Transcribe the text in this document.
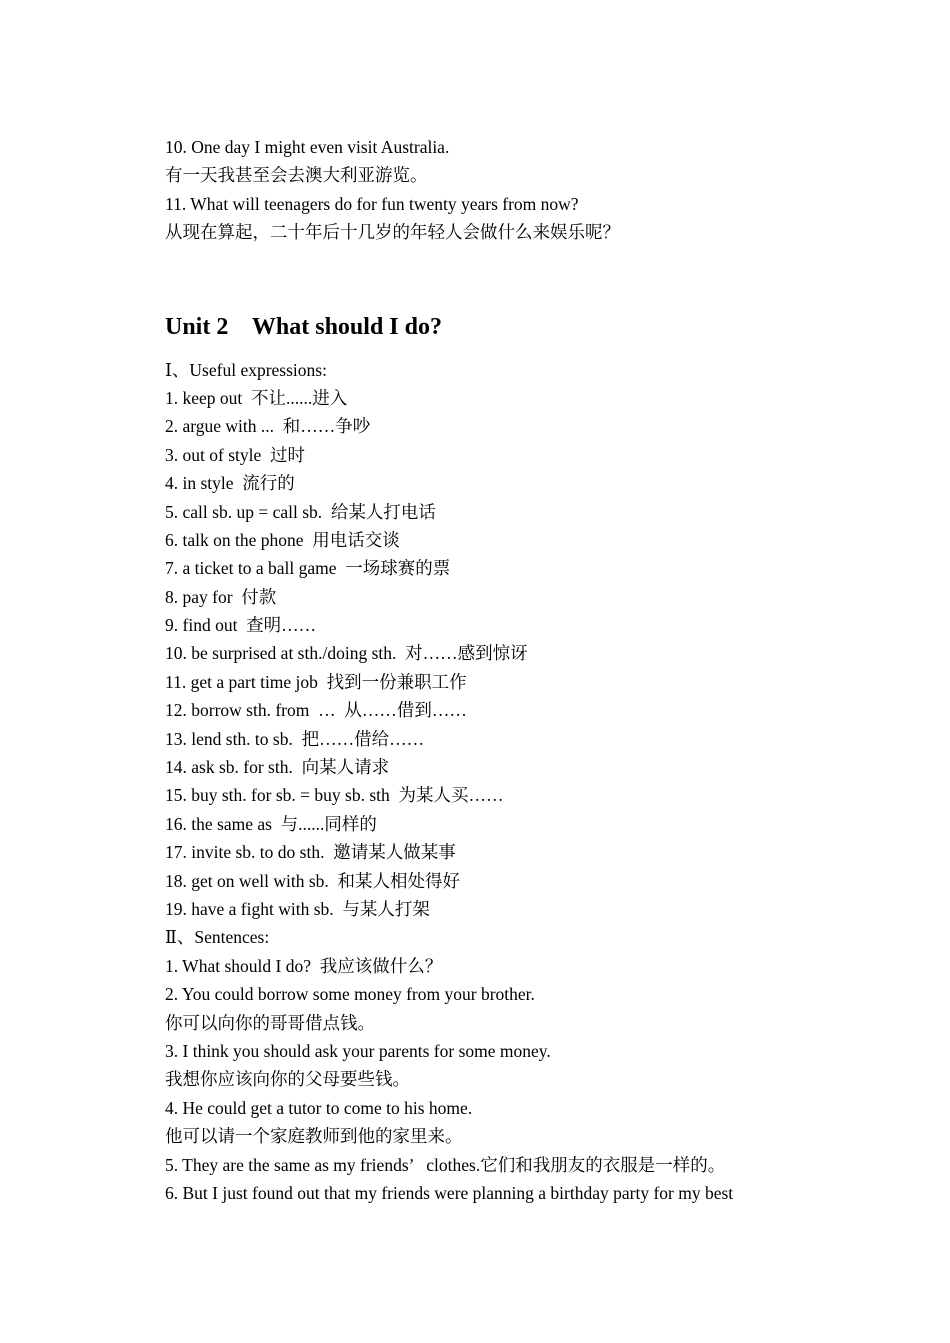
10. One day I might even visit Australia.
有一天我甚至会去澳大利亚游览。
11. What will teenagers do for fun twenty years from now?
从现在算起，二十年后十几岁的年轻人会做什么来娱乐呢？
Unit 2    What should I do?
Ⅰ、Useful expressions:
1. keep out  不让......进入
2. argue with ...  和……争吵
3. out of style  过时
4. in style  流行的
5. call sb. up = call sb.  给某人打电话
6. talk on the phone  用电话交谈
7. a ticket to a ball game  一场球赛的票
8. pay for  付款
9. find out  查明……
10. be surprised at sth./doing sth.  对……感到惊讶
11. get a part time job  找到一份兼职工作
12. borrow sth. from  …  从……借到……
13. lend sth. to sb.  把……借给……
14. ask sb. for sth.  向某人请求
15. buy sth. for sb. = buy sb. sth  为某人买……
16. the same as  与......同样的
17. invite sb. to do sth.  邀请某人做某事
18. get on well with sb.  和某人相处得好
19. have a fight with sb.  与某人打架
Ⅱ、Sentences:
1. What should I do?  我应该做什么？
2. You could borrow some money from your brother.
你可以向你的哥哥借点钱。
3. I think you should ask your parents for some money.
我想你应该向你的父母要些钱。
4. He could get a tutor to come to his home.
他可以请一个家庭教师到他的家里来。
5. They are the same as my friends’   clothes.它们和我朋友的衣服是一样的。
6. But I just found out that my friends were planning a birthday party for my best
